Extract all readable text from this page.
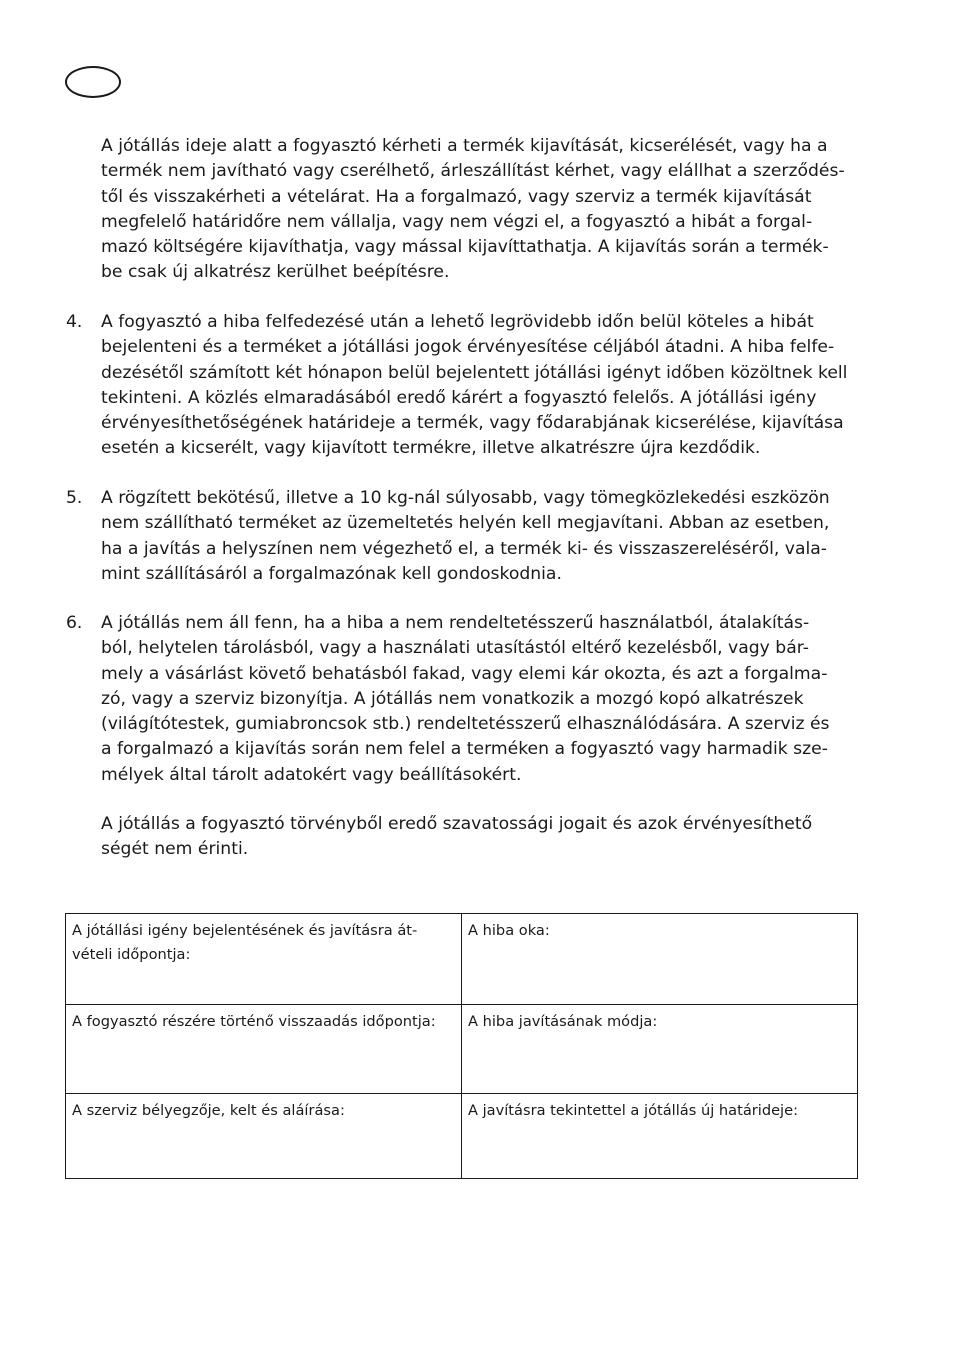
A jótállás ideje alatt a fogyasztó kérheti a termék kijavítását, kicserélését, vagy ha a
termék nem javítható vagy cserélhető, árleszállítást kérhet, vagy elállhat a szerződés-
től és visszakérheti a vételárat. Ha a forgalmazó, vagy szerviz a termék kijavítását
megfelelő határidőre nem vállalja, vagy nem végzi el, a fogyasztó a hibát a forgal-
mazó költségére kijavíthatja, vagy mással kijavíttathatja. A kijavítás során a termék-
be csak új alkatrész kerülhet beépítésre.
4. A fogyasztó a hiba felfedezésé után a lehető legrövidebb időn belül köteles a hibát
bejelenteni és a terméket a jótállási jogok érvényesítése céljából átadni. A hiba felfe-
dezésétől számított két hónapon belül bejelentett jótállási igényt időben közöltnek kell
tekinteni. A közlés elmaradásából eredő kárért a fogyasztó felelős. A jótállási igény
érvényesíthetőségének határideje a termék, vagy fődarabjának kicserélése, kijavítása
esetén a kicserélt, vagy kijavított termékre, illetve alkatrészre újra kezdődik.
5. A rögzített bekötésű, illetve a 10 kg-nál súlyosabb, vagy tömegközlekedési eszközön
nem szállítható terméket az üzemeltetés helyén kell megjavítani. Abban az esetben,
ha a javítás a helyszínen nem végezhető el, a termék ki- és visszaszereléséről, vala-
mint szállításáról a forgalmazónak kell gondoskodnia.
6. A jótállás nem áll fenn, ha a hiba a nem rendeltetésszerű használatból, átalakítás-
ból, helytelen tárolásból, vagy a használati utasítástól eltérő kezelésből, vagy bár-
mely a vásárlást követő behatásból fakad, vagy elemi kár okozta, és azt a forgalma-
zó, vagy a szerviz bizonyítja. A jótállás nem vonatkozik a mozgó kopó alkatrészek
(világítótestek, gumiabroncsok stb.) rendeltetésszerű elhasználódására. A szerviz és
a forgalmazó a kijavítás során nem felel a terméken a fogyasztó vagy harmadik sze-
mélyek által tárolt adatokért vagy beállításokért.
A jótállás a fogyasztó törvényből eredő szavatossági jogait és azok érvényesíthető
ségét nem érinti.
A jótállási igény bejelentésének és javításra át-
vételi időpontja:
A hiba oka:
A fogyasztó részére történő visszaadás időpontja:	A hiba javításának módja:
A szerviz bélyegzője, kelt és aláírása:	A javításra tekintettel a jótállás új határideje:
